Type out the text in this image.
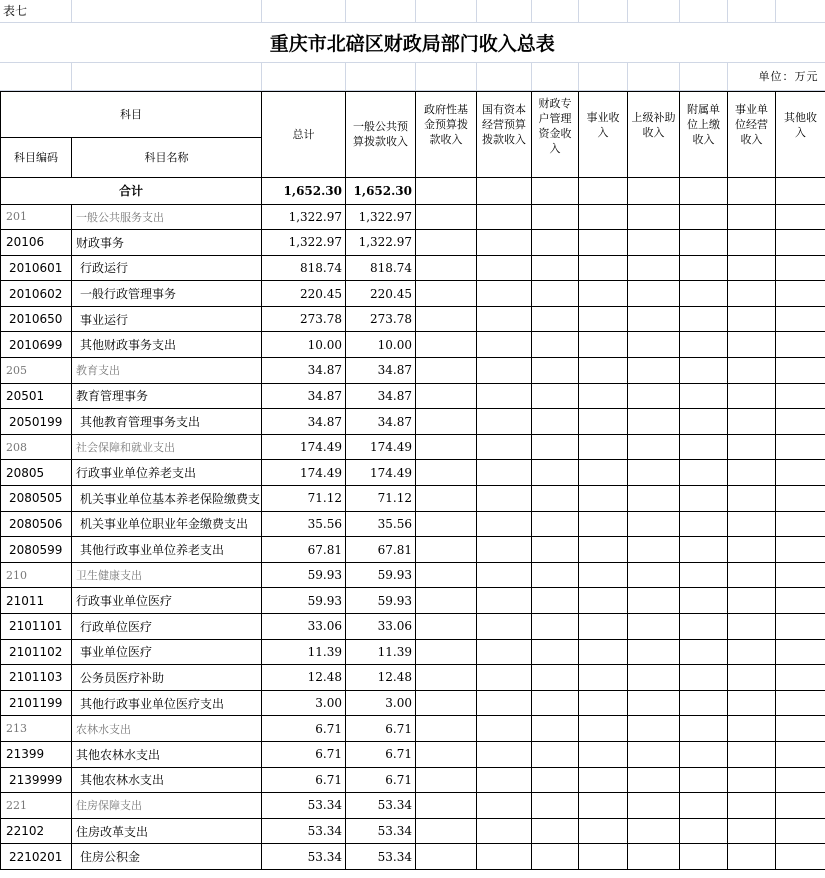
表七											
重庆市北碚区财政局部门收入总表											
										单位：万元	
科目		总计	一般公共预算拨款收入	政府性基金预算拨款收入	国有资本经营预算拨款收入	财政专户管理资金收入	事业收入	上级补助收入	附属单位上缴收入	事业单位经营收入	其他收入
科目编码	科目名称										
合计		1,652.30	1,652.30								
201	一般公共服务支出	1,322.97	1,322.97								
20106	财政事务	1,322.97	1,322.97								
2010601	行政运行	818.74	818.74								
2010602	一般行政管理事务	220.45	220.45								
2010650	事业运行	273.78	273.78								
2010699	其他财政事务支出	10.00	10.00								
205	教育支出	34.87	34.87								
20501	教育管理事务	34.87	34.87								
2050199	其他教育管理事务支出	34.87	34.87								
208	社会保障和就业支出	174.49	174.49								
20805	行政事业单位养老支出	174.49	174.49								
2080505	机关事业单位基本养老保险缴费支	71.12	71.12								
2080506	机关事业单位职业年金缴费支出	35.56	35.56								
2080599	其他行政事业单位养老支出	67.81	67.81								
210	卫生健康支出	59.93	59.93								
21011	行政事业单位医疗	59.93	59.93								
2101101	行政单位医疗	33.06	33.06								
2101102	事业单位医疗	11.39	11.39								
2101103	公务员医疗补助	12.48	12.48								
2101199	其他行政事业单位医疗支出	3.00	3.00								
213	农林水支出	6.71	6.71								
21399	其他农林水支出	6.71	6.71								
2139999	其他农林水支出	6.71	6.71								
221	住房保障支出	53.34	53.34								
22102	住房改革支出	53.34	53.34								
2210201	住房公积金	53.34	53.34								
